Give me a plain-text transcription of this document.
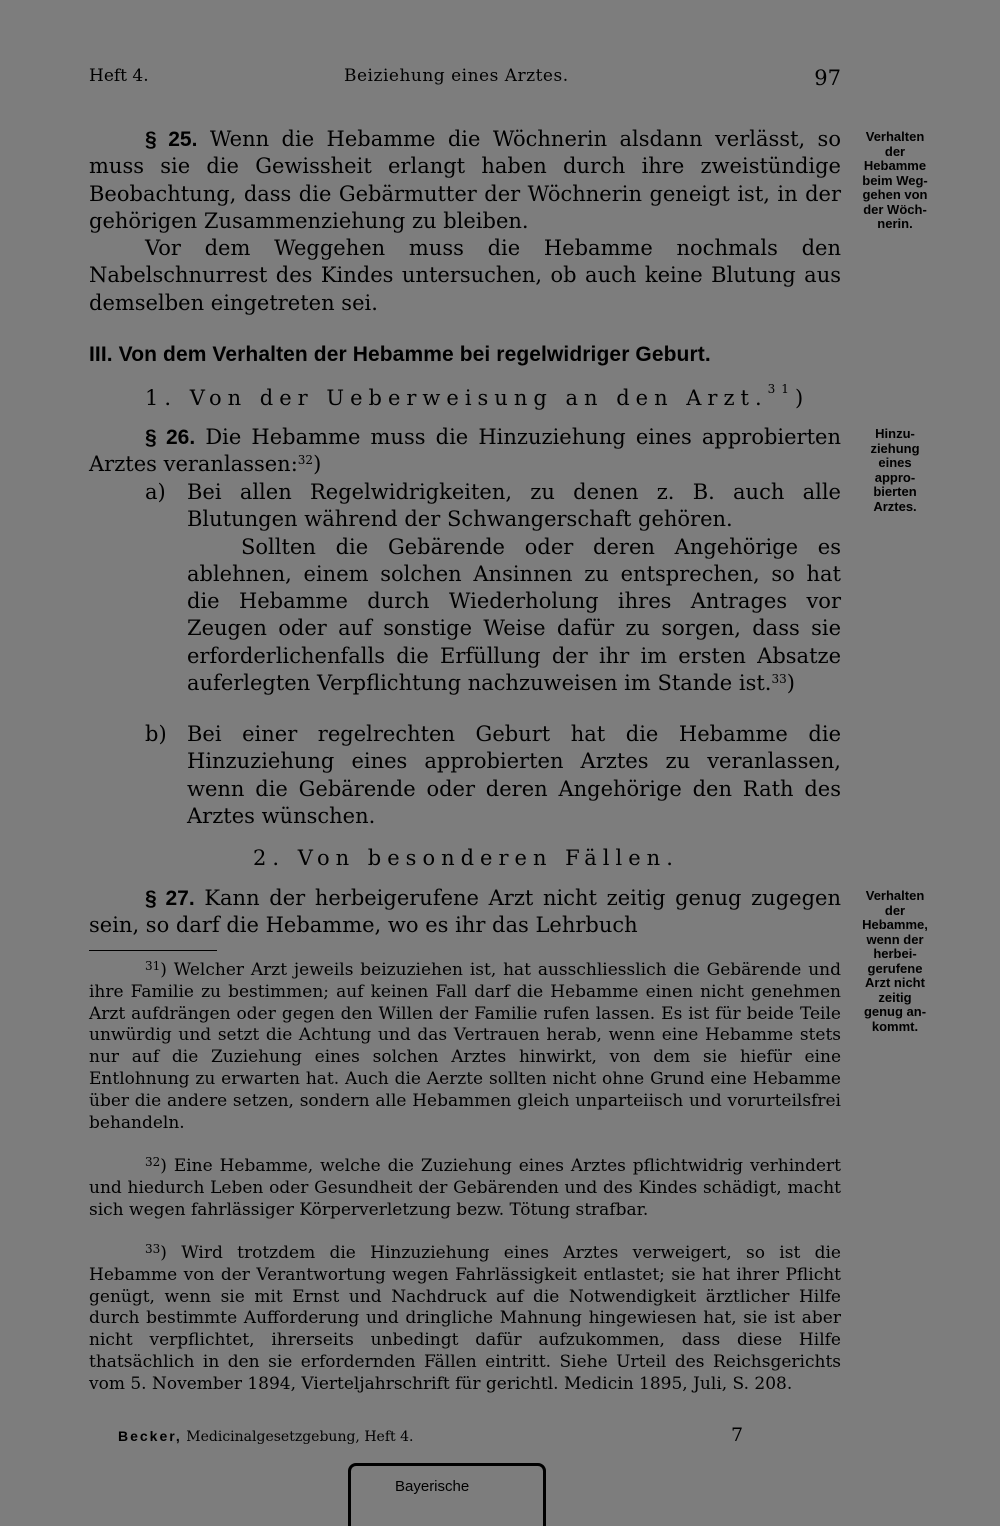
Heft 4.	Beiziehung eines Arztes.	97

§ 25. Wenn die Hebamme die Wöchnerin alsdann verlässt, so muss sie die Gewissheit erlangt haben durch ihre zweistündige Beobachtung, dass die Gebärmutter der Wöchnerin geneigt ist, in der gehörigen Zusammenziehung zu bleiben.

Vor dem Weggehen muss die Hebamme nochmals den Nabelschnurrest des Kindes untersuchen, ob auch keine Blutung aus demselben eingetreten sei.

III. Von dem Verhalten der Hebamme bei regelwidriger Geburt.
1. Von der Ueberweisung an den Arzt.$^{31}$)

§ 26. Die Hebamme muss die Hinzuziehung eines approbierten Arztes veranlassen:$^{32}$)

a) Bei allen Regelwidrigkeiten, zu denen z. B. auch alle Blutungen während der Schwangerschaft gehören.
Sollten die Gebärende oder deren Angehörige es ablehnen, einem solchen Ansinnen zu entsprechen, so hat die Hebamme durch Wiederholung ihres Antrages vor Zeugen oder auf sonstige Weise dafür zu sorgen, dass sie erforderlichenfalls die Erfüllung der ihr im ersten Absatze auferlegten Verpflichtung nachzuweisen im Stande ist.$^{33}$)
b) Bei einer regelrechten Geburt hat die Hebamme die Hinzuziehung eines approbierten Arztes zu veranlassen, wenn die Gebärende oder deren Angehörige den Rath des Arztes wünschen.
2. Von besonderen Fällen.

§ 27. Kann der herbeigerufene Arzt nicht zeitig genug zugegen sein, so darf die Hebamme, wo es ihr das Lehrbuch

$^{31}$) Welcher Arzt jeweils beizuziehen ist, hat ausschliesslich die Gebärende und ihre Familie zu bestimmen; auf keinen Fall darf die Hebamme einen nicht genehmen Arzt aufdrängen oder gegen den Willen der Familie rufen lassen. Es ist für beide Teile unwürdig und setzt die Achtung und das Vertrauen herab, wenn eine Hebamme stets nur auf die Zuziehung eines solchen Arztes hinwirkt, von dem sie hiefür eine Entlohnung zu erwarten hat. Auch die Aerzte sollten nicht ohne Grund eine Hebamme über die andere setzen, sondern alle Hebammen gleich unparteiisch und vorurteilsfrei behandeln.
$^{32}$) Eine Hebamme, welche die Zuziehung eines Arztes pflichtwidrig verhindert und hiedurch Leben oder Gesundheit der Gebärenden und des Kindes schädigt, macht sich wegen fahrlässiger Körperverletzung bezw. Tötung strafbar.
$^{33}$) Wird trotzdem die Hinzuziehung eines Arztes verweigert, so ist die Hebamme von der Verantwortung wegen Fahrlässigkeit entlastet; sie hat ihrer Pflicht genügt, wenn sie mit Ernst und Nachdruck auf die Notwendigkeit ärztlicher Hilfe durch bestimmte Aufforderung und dringliche Mahnung hingewiesen hat, sie ist aber nicht verpflichtet, ihrerseits unbedingt dafür aufzukommen, dass diese Hilfe thatsächlich in den sie erfordernden Fällen eintritt. Siehe Urteil des Reichsgerichts vom 5. November 1894, Vierteljahrschrift für gerichtl. Medicin 1895, Juli, S. 208.
Verhalten
der
Hebamme
beim Weg-
gehen von
der Wöch-
nerin.
Hinzu-
ziehung
eines
appro-
bierten
Arztes.
Verhalten
der
Hebamme,
wenn der
herbei-
gerufene
Arzt nicht
zeitig
genug an-
kommt.
Becker, Medicinalgesetzgebung, Heft 4.	7
Bayerische
